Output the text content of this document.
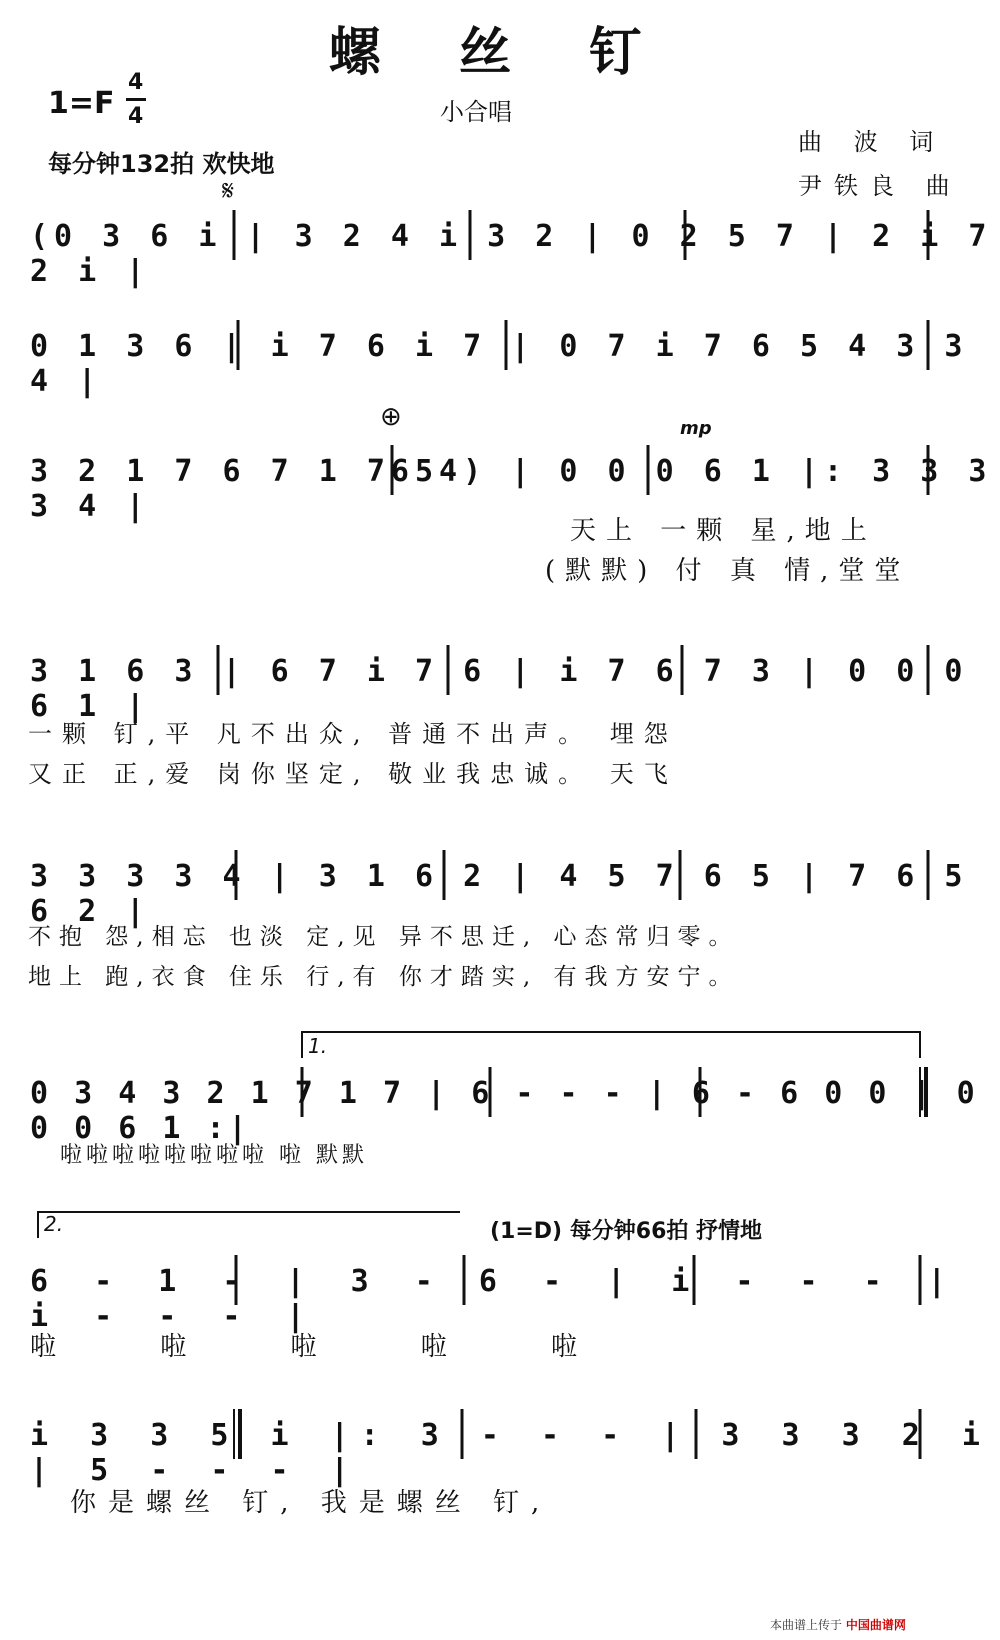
螺 丝 钉
1=F
4
4	小合唱
每分钟132拍 欢快地
𝄋
曲 波 词
尹铁良 曲
(0 3 6 i | 3 2 4 i 3 2 | 0 2 5 7 | 2 i 7 2 i |
0 1 3 6 | i 7 6 i 7 | 0 7 i 7 6 5 4 3 3 4 |
⊕	mp
3 2 1 7 6 7 1 7654) | 0 0 0 6 1 |: 3 3 3 3 4 |
天上 一颗 星,地上
(默默) 付 真 情,堂堂
3 1 6 3 | 6 7 i 7 6 | i 7 6 7 3 | 0 0 0 6 1 |
一颗 钉,平 凡不出众, 普通不出声。 埋怨
又正 正,爱 岗你坚定, 敬业我忠诚。 天飞
3 3 3 3 4 | 3 1 6 2 | 4 5 7 6 5 | 7 6 5 6 2 |
不抱 怨,相忘 也淡 定,见 异不思迁, 心态常归零。
地上 跑,衣食 住乐 行,有 你才踏实, 有我方安宁。
1.
0 3 4 3 2 1 7 1 7 | 6 - - - | 6 - 6 0 0 | 0 0 0 6 1 :|
啦啦啦啦啦啦啦啦 啦 默默
2.	(1=D) 每分钟66拍 抒情地
6 - 1 - | 3 - 6 - | i - - - | i - - - |
啦 啦 啦 啦 啦
i 3 3 5 i |: 3 - - - | 3 3 3 2 i | 5 - - - |
你是螺丝 钉, 我是螺丝 钉,
本曲谱上传于 中国曲谱网
